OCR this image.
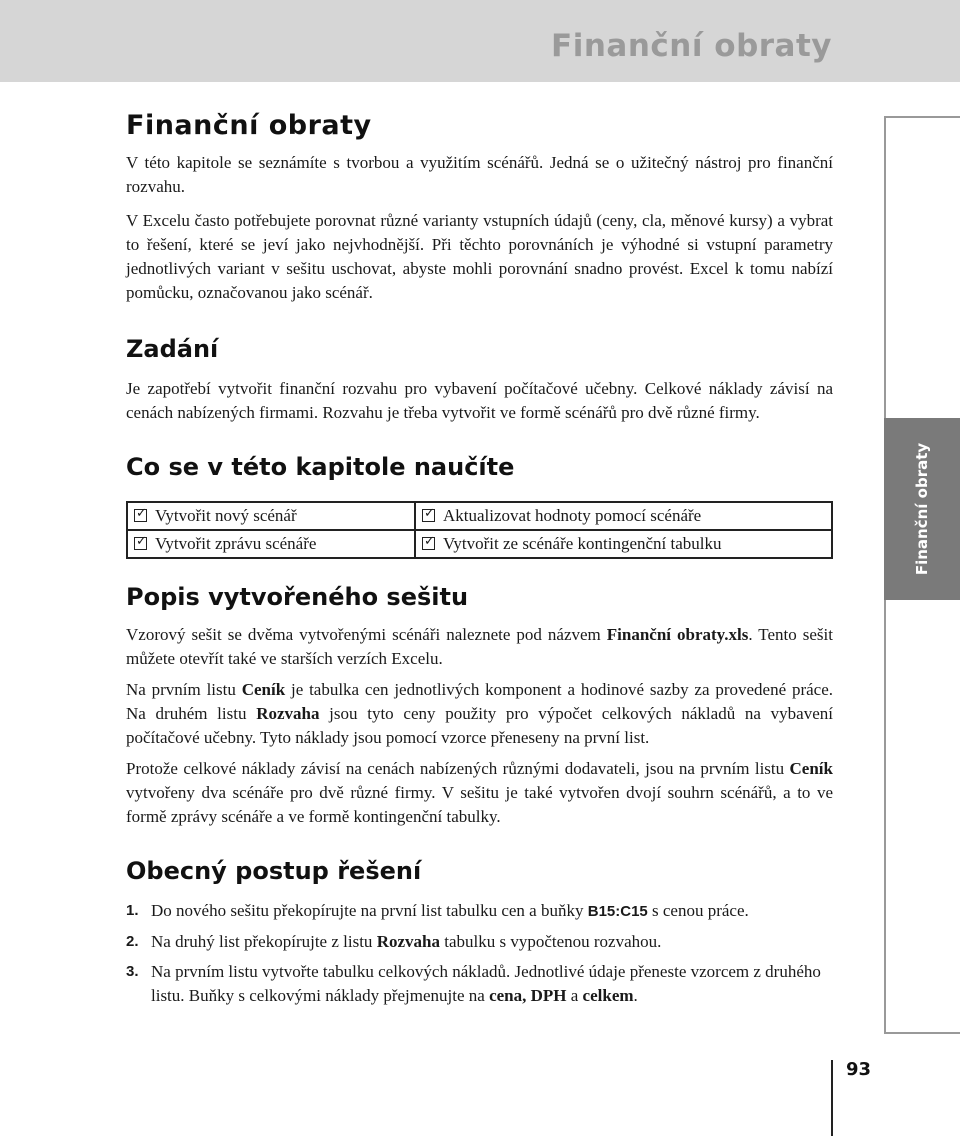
Finanční obraty
Finanční obraty

V této kapitole se seznámíte s tvorbou a využitím scénářů. Jedná se o užitečný nástroj pro finanční rozvahu.

V Excelu často potřebujete porovnat různé varianty vstupních údajů (ceny, cla, měnové kursy) a vybrat to řešení, které se jeví jako nejvhodnější. Při těchto porovnáních je výhodné si vstupní parametry jednotlivých variant v sešitu uschovat, abyste mohli porovnání snadno provést. Excel k tomu nabízí pomůcku, označovanou jako scénář.

Zadání

Je zapotřebí vytvořit finanční rozvahu pro vybavení počítačové učebny. Celkové náklady závisí na cenách nabízených firmami. Rozvahu je třeba vytvořit ve formě scénářů pro dvě různé firmy.

Co se v této kapitole naučíte
✓ Vytvořit nový scénář	✓ Aktualizovat hodnoty pomocí scénáře

✓ Vytvořit zprávu scénáře	✓ Vytvořit ze scénáře kontingenční tabulku
Popis vytvořeného sešitu

Vzorový sešit se dvěma vytvořenými scénáři naleznete pod názvem Finanční obraty.xls. Tento sešit můžete otevřít také ve starších verzích Excelu.

Na prvním listu Ceník je tabulka cen jednotlivých komponent a hodinové sazby za provedené práce. Na druhém listu Rozvaha jsou tyto ceny použity pro výpočet celkových nákladů na vybavení počítačové učebny. Tyto náklady jsou pomocí vzorce přeneseny na první list.

Protože celkové náklady závisí na cenách nabízených různými dodavateli, jsou na prvním listu Ceník vytvořeny dva scénáře pro dvě různé firmy. V sešitu je také vytvořen dvojí souhrn scénářů, a to ve formě zprávy scénáře a ve formě kontingenční tabulky.

Obecný postup řešení
1. Do nového sešitu překopírujte na první list tabulku cen a buňky B15:C15 s cenou práce.
2. Na druhý list překopírujte z listu Rozvaha tabulku s vypočtenou rozvahou.
3. Na prvním listu vytvořte tabulku celkových nákladů. Jednotlivé údaje přeneste vzorcem z druhého listu. Buňky s celkovými náklady přejmenujte na cena, DPH a celkem.
Finanční obraty
93
